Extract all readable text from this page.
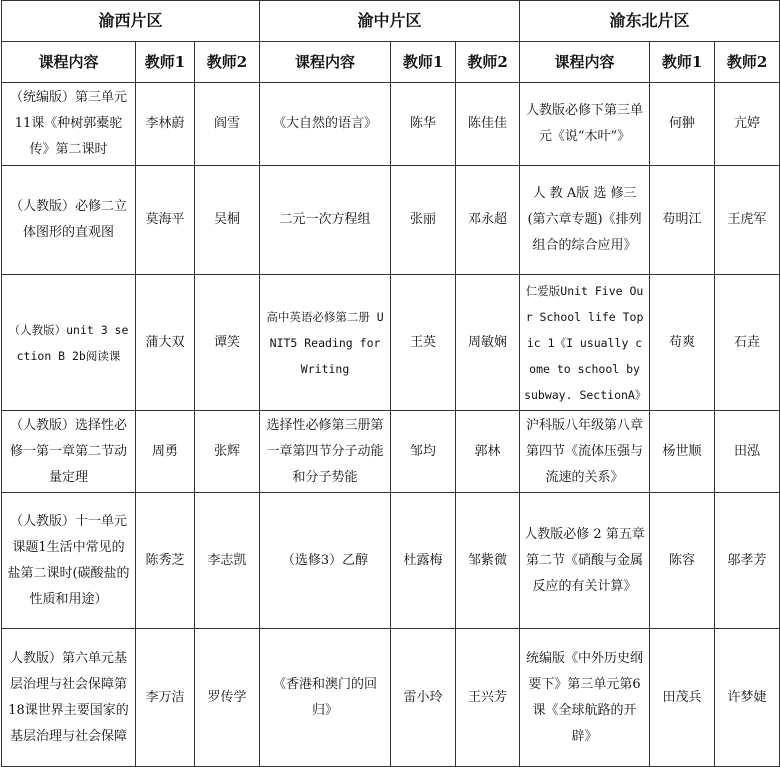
渝西片区			渝中片区			渝东北片区		
课程内容	教师1	教师2	课程内容	教师1	教师2	课程内容	教师1	教师2
（统编版）第三单元11课《种树郭橐驼传》第二课时	李林蔚	阎雪	《大自然的语言》	陈华	陈佳佳	人教版必修下第三单元《说“木叶”》	何翀	亢婷
（人教版）必修二立体图形的直观图	莫海平	吴桐	二元一次方程组	张丽	邓永超	人 教 A版 选 修三(第六章专题)《排列组合的综合应用》	苟明江	王虎军
（人教版）unit 3 section B 2b阅读课	蒲大双	谭笑	高中英语必修第二册 UNIT5 Reading for Writing	王英	周敏娴	仁爱版Unit Five Our School life Topic 1《I usually come to school by subway. SectionA》	苟爽	石垚
（人教版）选择性必修一第一章第二节动量定理	周勇	张辉	选择性必修第三册第一章第四节分子动能和分子势能	邹均	郭林	沪科版八年级第八章第四节《流体压强与流速的关系》	杨世顺	田泓
（人教版）十一单元课题1生活中常见的盐第二课时(碳酸盐的性质和用途）	陈秀芝	李志凯	（选修3）乙醇	杜露梅	邹紫微	人教版必修 2 第五章第二节《硝酸与金属反应的有关计算》	陈容	邬孝芳
人教版）第六单元基层治理与社会保障第18课世界主要国家的基层治理与社会保障	李万洁	罗传学	《香港和澳门的回归》	雷小玲	王兴芳	统编版《中外历史纲要下》第三单元第6课《全球航路的开辟》	田茂兵	许梦婕
